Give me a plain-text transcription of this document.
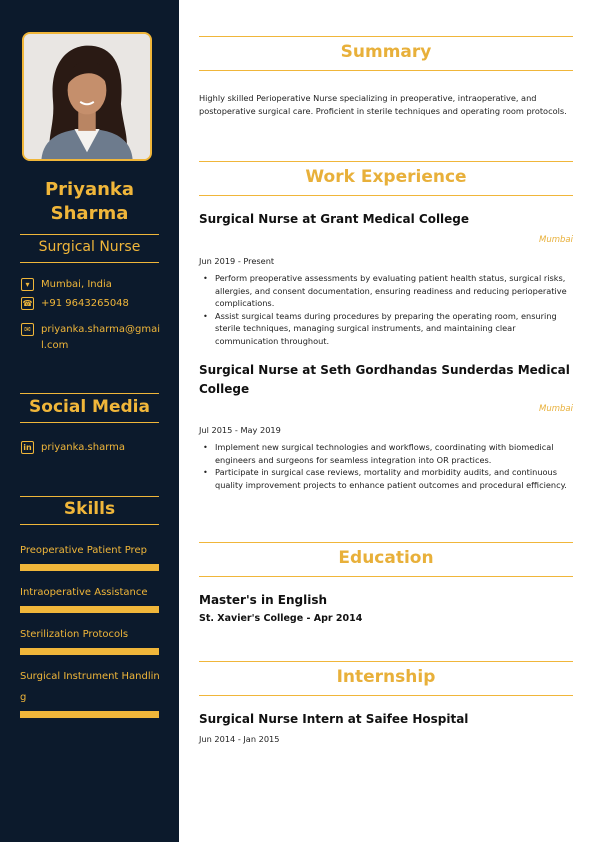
Priyanka
Sharma
Surgical Nurse
▾	Mumbai, India
☎ +91 9643265048
✉	priyanka.sharma@gmail.com
Social Media
in priyanka.sharma
Skills
Preoperative Patient Prep
Intraoperative Assistance
Sterilization Protocols
Surgical Instrument Handling
Summary
Highly skilled Perioperative Nurse specializing in preoperative, intraoperative, and postoperative surgical care. Proficient in sterile techniques and operating room protocols.
Work Experience
Surgical Nurse at Grant Medical College
Mumbai
Jun 2019 - Present
• Perform preoperative assessments by evaluating patient health status, surgical risks, allergies, and consent documentation, ensuring readiness and reducing perioperative complications.
• Assist surgical teams during procedures by preparing the operating room, ensuring sterile techniques, managing surgical instruments, and maintaining clear communication throughout.
Surgical Nurse at Seth Gordhandas Sunderdas Medical College
Mumbai
Jul 2015 - May 2019
• Implement new surgical technologies and workflows, coordinating with biomedical engineers and surgeons for seamless integration into OR practices.
• Participate in surgical case reviews, mortality and morbidity audits, and continuous quality improvement projects to enhance patient outcomes and procedural efficiency.
Education
Master's in English
St. Xavier's College - Apr 2014
Internship
Surgical Nurse Intern at Saifee Hospital
Jun 2014 - Jan 2015
